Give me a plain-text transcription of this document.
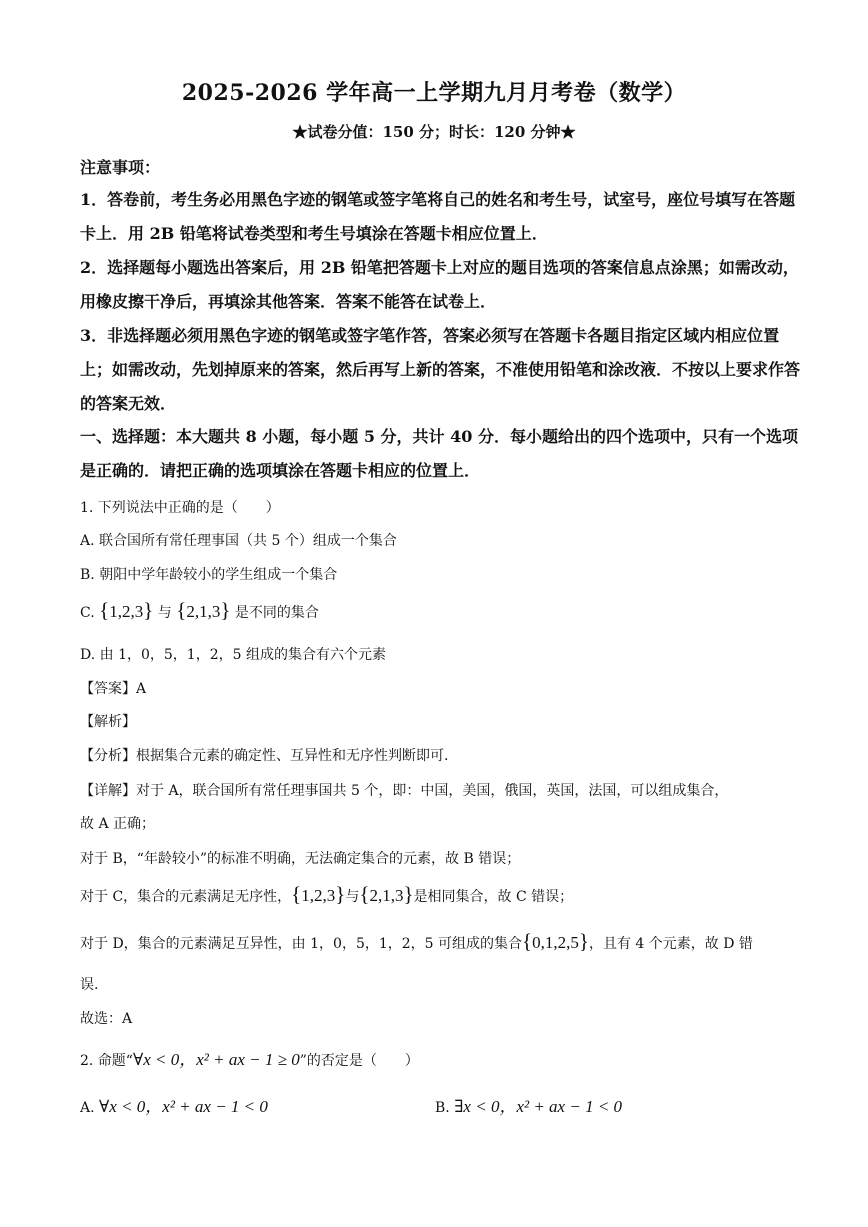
2025-2026 学年高一上学期九月月考卷（数学）
★试卷分值：150 分；时长：120 分钟★
注意事项：
1．答卷前，考生务必用黑色字迹的钢笔或签字笔将自己的姓名和考生号，试室号，座位号填写在答题卡上．用 2B 铅笔将试卷类型和考生号填涂在答题卡相应位置上．
2．选择题每小题选出答案后，用 2B 铅笔把答题卡上对应的题目选项的答案信息点涂黑；如需改动，用橡皮擦干净后，再填涂其他答案．答案不能答在试卷上．
3．非选择题必须用黑色字迹的钢笔或签字笔作答，答案必须写在答题卡各题目指定区域内相应位置上；如需改动，先划掉原来的答案，然后再写上新的答案，不准使用铅笔和涂改液．不按以上要求作答的答案无效．
一、选择题：本大题共 8 小题，每小题 5 分，共计 40 分．每小题给出的四个选项中，只有一个选项是正确的．请把正确的选项填涂在答题卡相应的位置上．
1. 下列说法中正确的是（　　）
A. 联合国所有常任理事国（共 5 个）组成一个集合
B. 朝阳中学年龄较小的学生组成一个集合
C. {1,2,3} 与 {2,1,3} 是不同的集合
D. 由 1，0，5，1，2，5 组成的集合有六个元素
【答案】A
【解析】
【分析】根据集合元素的确定性、互异性和无序性判断即可.
【详解】对于 A，联合国所有常任理事国共 5 个，即：中国，美国，俄国，英国，法国，可以组成集合，
故 A 正确；
对于 B，“年龄较小”的标准不明确，无法确定集合的元素，故 B 错误；
对于 C，集合的元素满足无序性，{1,2,3}与{2,1,3}是相同集合，故 C 错误；
对于 D，集合的元素满足互异性，由 1，0，5，1，2，5 可组成的集合{0,1,2,5}，且有 4 个元素，故 D 错
误.
故选：A
2. 命题“∀x < 0，x² + ax − 1 ≥ 0”的否定是（　　）
A. ∀x < 0，x² + ax − 1 < 0	B. ∃x < 0，x² + ax − 1 < 0
